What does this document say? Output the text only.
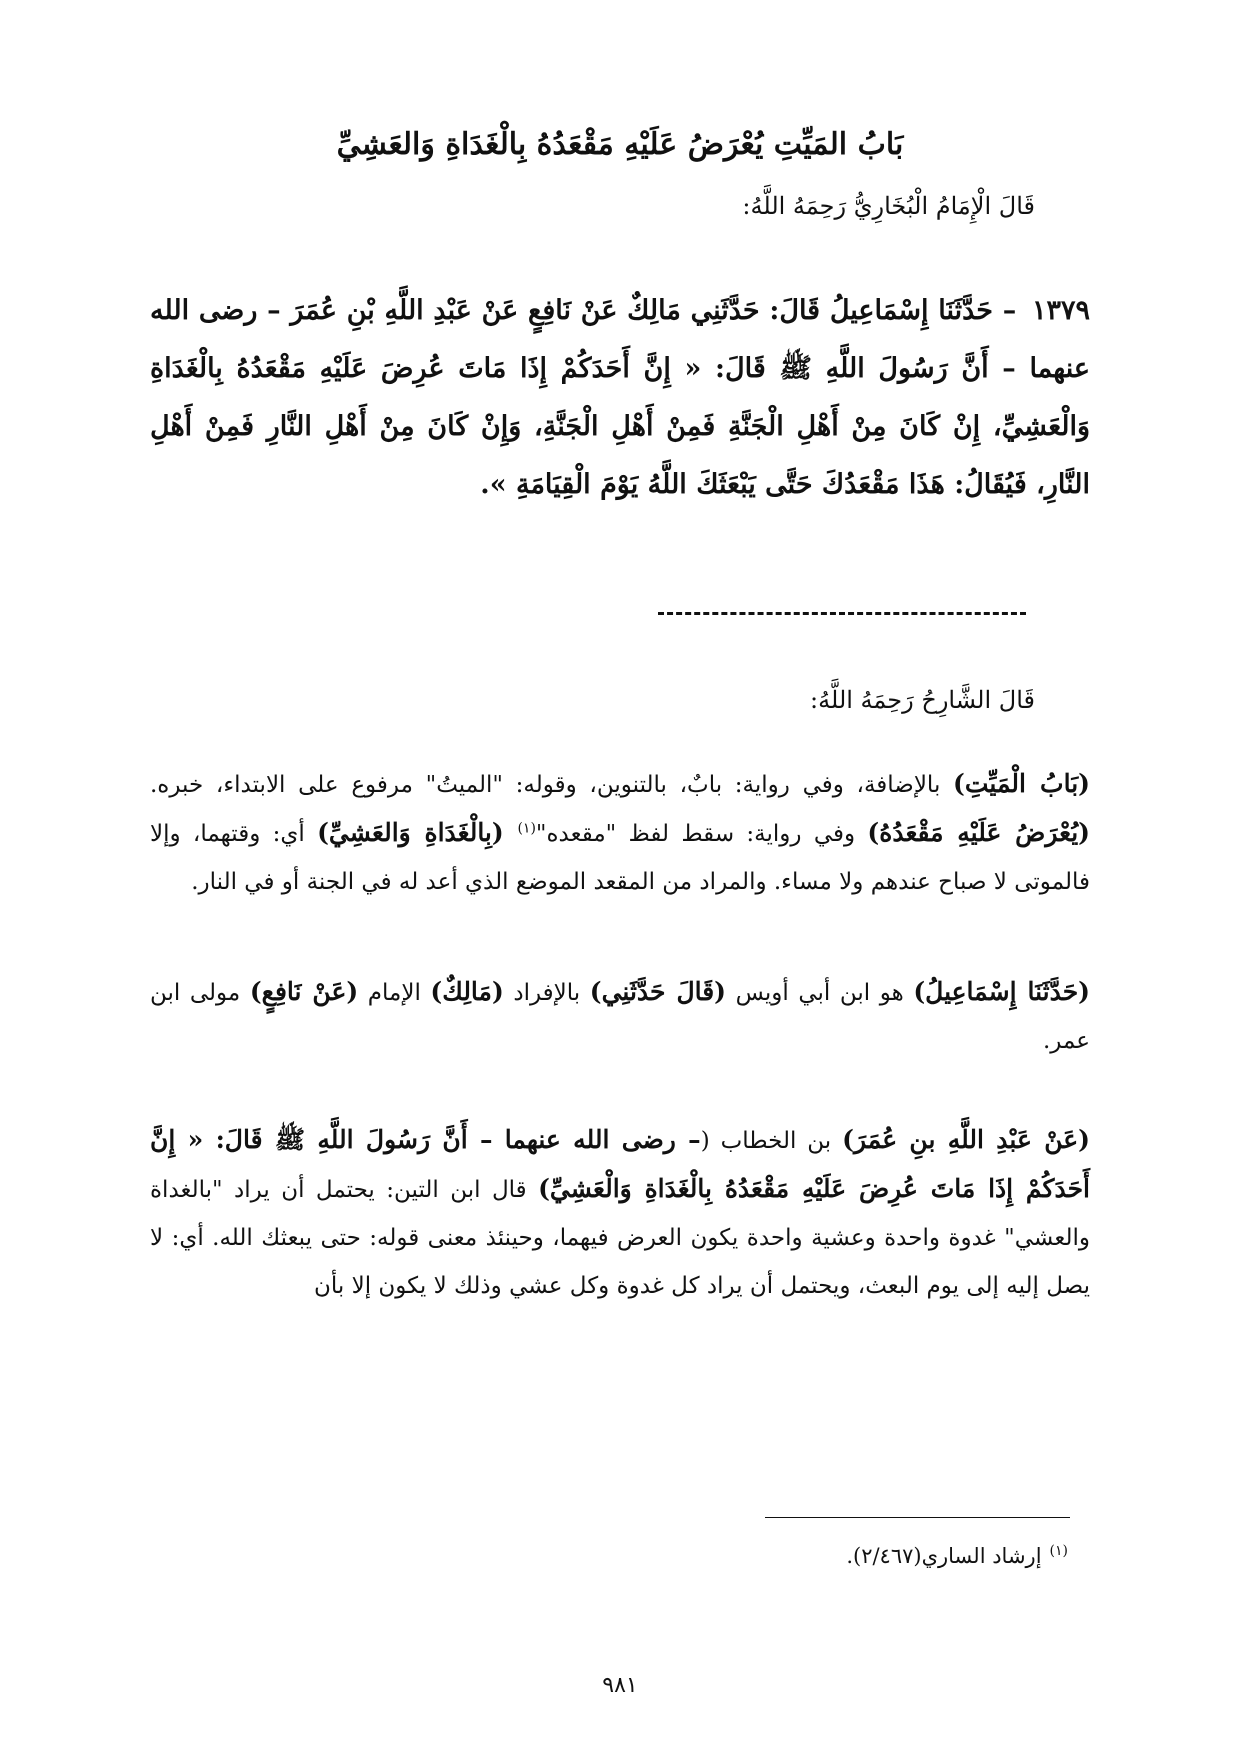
بَابُ المَيِّتِ يُعْرَضُ عَلَيْهِ مَقْعَدُهُ بِالْغَدَاةِ وَالعَشِيِّ
قَالَ الْإِمَامُ الْبُخَارِيُّ رَحِمَهُ اللَّهُ:
١٣٧٩ – حَدَّثَنَا إِسْمَاعِيلُ قَالَ: حَدَّثَنِي مَالِكٌ عَنْ نَافِعٍ عَنْ عَبْدِ اللَّهِ بْنِ عُمَرَ – رضى الله عنهما – أَنَّ رَسُولَ اللَّهِ ﷺ قَالَ: « إِنَّ أَحَدَكُمْ إِذَا مَاتَ عُرِضَ عَلَيْهِ مَقْعَدُهُ بِالْغَدَاةِ وَالْعَشِيِّ، إِنْ كَانَ مِنْ أَهْلِ الْجَنَّةِ فَمِنْ أَهْلِ الْجَنَّةِ، وَإِنْ كَانَ مِنْ أَهْلِ النَّارِ فَمِنْ أَهْلِ النَّارِ، فَيُقَالُ: هَذَا مَقْعَدُكَ حَتَّى يَبْعَثَكَ اللَّهُ يَوْمَ الْقِيَامَةِ ».
قَالَ الشَّارِحُ رَحِمَهُ اللَّهُ:
(بَابُ الْمَيِّتِ) بالإضافة، وفي رواية: بابٌ، بالتنوين، وقوله: "الميتُ" مرفوع على الابتداء، خبره. (يُعْرَضُ عَلَيْهِ مَقْعَدُهُ) وفي رواية: سقط لفظ "مقعده"$^{(١)}$ (بِالْغَدَاةِ وَالعَشِيِّ) أي: وقتهما، وإلا فالموتى لا صباح عندهم ولا مساء. والمراد من المقعد الموضع الذي أعد له في الجنة أو في النار.
(حَدَّثَنَا إِسْمَاعِيلُ) هو ابن أبي أويس (قَالَ حَدَّثَنِي) بالإفراد (مَالِكٌ) الإمام (عَنْ نَافِعٍ) مولى ابن عمر.
(عَنْ عَبْدِ اللَّهِ بنِ عُمَرَ) بن الخطاب (– رضى الله عنهما – أَنَّ رَسُولَ اللَّهِ ﷺ قَالَ: « إِنَّ أَحَدَكُمْ إِذَا مَاتَ عُرِضَ عَلَيْهِ مَقْعَدُهُ بِالْغَدَاةِ وَالْعَشِيِّ) قال ابن التين: يحتمل أن يراد "بالغداة والعشي" غدوة واحدة وعشية واحدة يكون العرض فيهما، وحينئذ معنى قوله: حتى يبعثك الله. أي: لا يصل إليه إلى يوم البعث، ويحتمل أن يراد كل غدوة وكل عشي وذلك لا يكون إلا بأن
$^{(١)}$إرشاد الساري(٢/٤٦٧).
٩٨١
